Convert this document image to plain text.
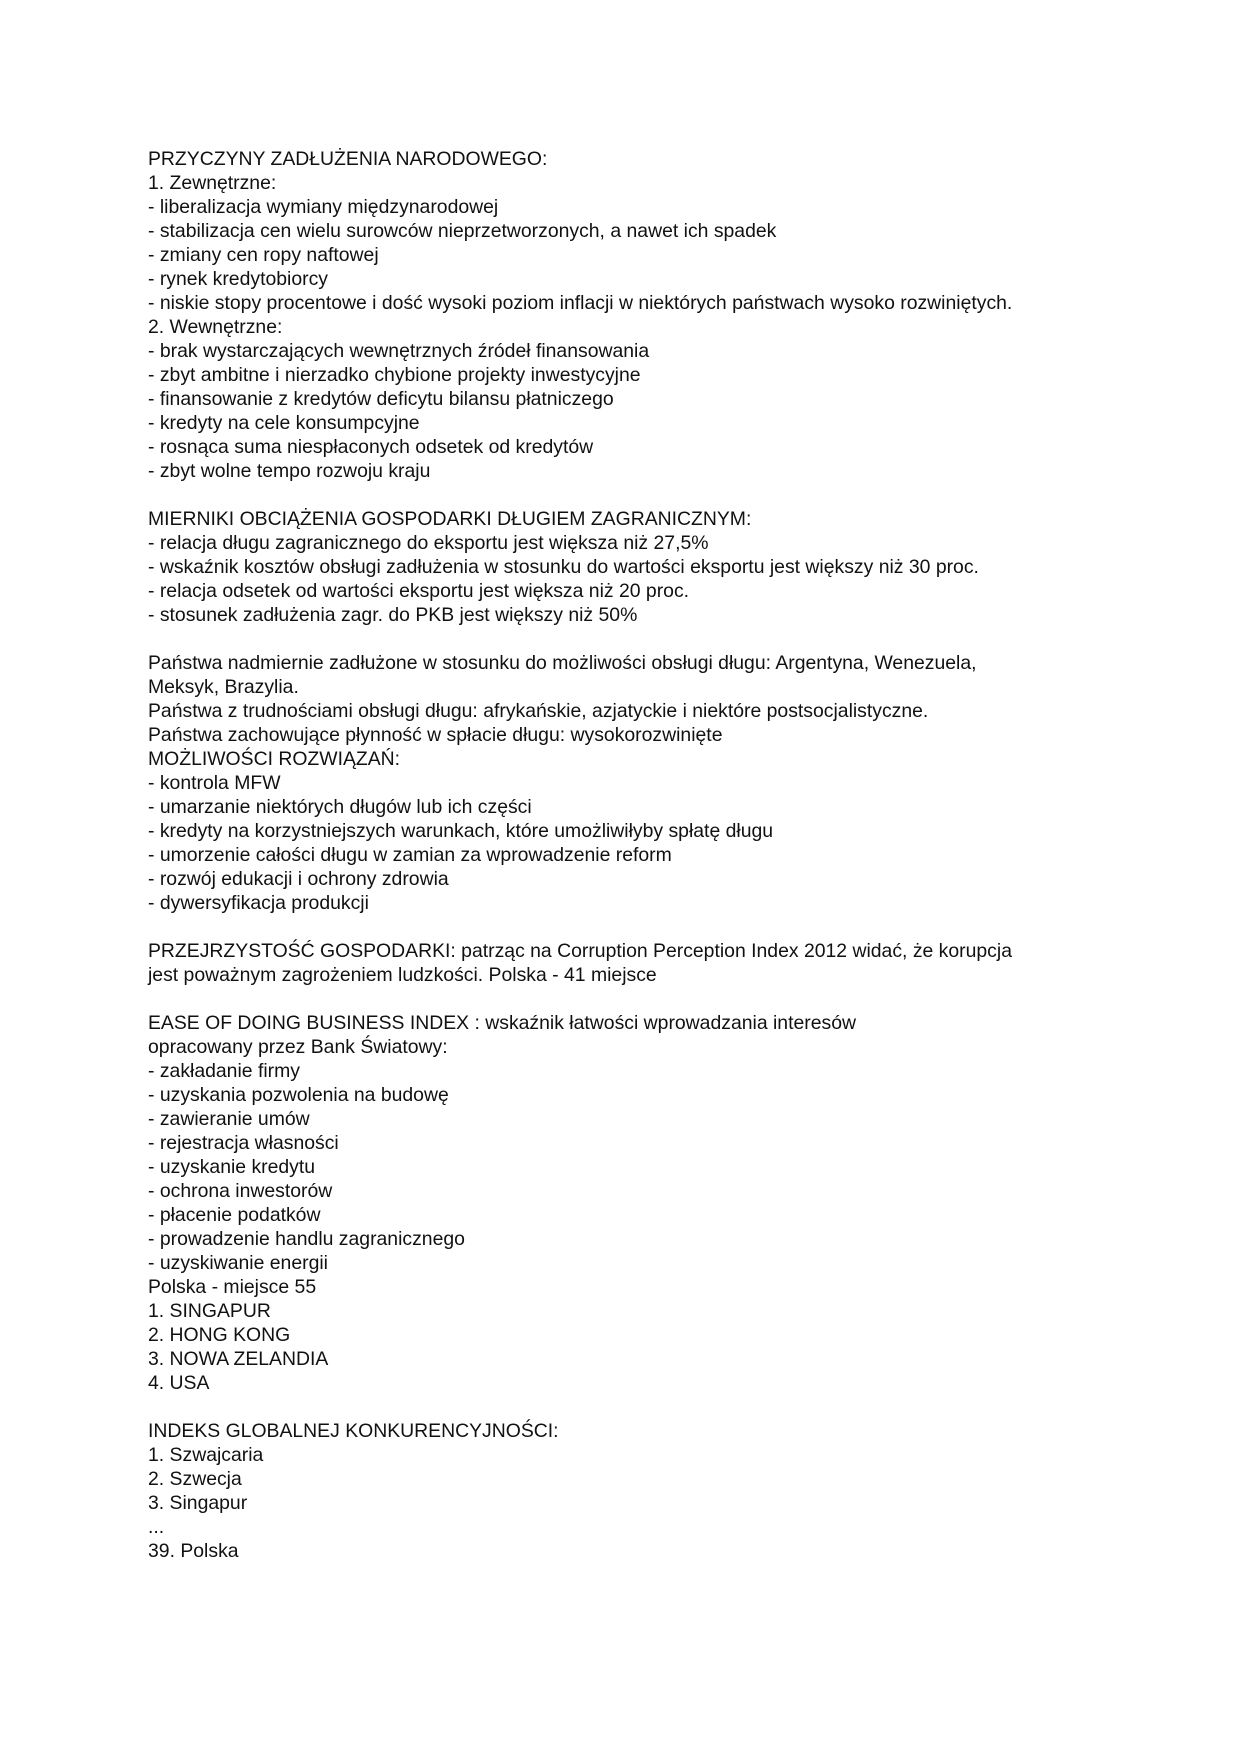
PRZYCZYNY ZADŁUŻENIA NARODOWEGO:
1. Zewnętrzne:
- liberalizacja wymiany międzynarodowej
- stabilizacja cen wielu surowców nieprzetworzonych, a nawet ich spadek
- zmiany cen ropy naftowej
- rynek kredytobiorcy
- niskie stopy procentowe i dość wysoki poziom inflacji w niektórych państwach wysoko rozwiniętych.
2. Wewnętrzne:
- brak wystarczających wewnętrznych źródeł finansowania
- zbyt ambitne i nierzadko chybione projekty inwestycyjne
- finansowanie z kredytów deficytu bilansu płatniczego
- kredyty na cele konsumpcyjne
- rosnąca suma niespłaconych odsetek od kredytów
- zbyt wolne tempo rozwoju kraju
MIERNIKI OBCIĄŻENIA GOSPODARKI DŁUGIEM ZAGRANICZNYM:
- relacja długu zagranicznego do eksportu jest większa niż 27,5%
- wskaźnik kosztów obsługi zadłużenia w stosunku do wartości eksportu jest większy niż 30 proc.
- relacja odsetek od wartości eksportu jest większa niż 20 proc.
- stosunek zadłużenia zagr. do PKB jest większy niż 50%
Państwa nadmiernie zadłużone w stosunku do możliwości obsługi długu: Argentyna, Wenezuela,
Meksyk, Brazylia.
Państwa z trudnościami obsługi długu: afrykańskie, azjatyckie i niektóre postsocjalistyczne.
Państwa zachowujące płynność w spłacie długu: wysokorozwinięte
MOŻLIWOŚCI ROZWIĄZAŃ:
- kontrola MFW
- umarzanie niektórych długów lub ich części
- kredyty na korzystniejszych warunkach, które umożliwiłyby spłatę długu
- umorzenie całości długu w zamian za wprowadzenie reform
- rozwój edukacji i ochrony zdrowia
- dywersyfikacja produkcji
PRZEJRZYSTOŚĆ GOSPODARKI: patrząc na Corruption Perception Index 2012 widać, że korupcja
jest poważnym zagrożeniem ludzkości. Polska - 41 miejsce
EASE OF DOING BUSINESS INDEX : wskaźnik łatwości wprowadzania interesów
opracowany przez Bank Światowy:
- zakładanie firmy
- uzyskania pozwolenia na budowę
- zawieranie umów
- rejestracja własności
- uzyskanie kredytu
- ochrona inwestorów
- płacenie podatków
- prowadzenie handlu zagranicznego
- uzyskiwanie energii
Polska - miejsce 55
1. SINGAPUR
2. HONG KONG
3. NOWA ZELANDIA
4. USA
INDEKS GLOBALNEJ KONKURENCYJNOŚCI:
1. Szwajcaria
2. Szwecja
3. Singapur
...
39. Polska
